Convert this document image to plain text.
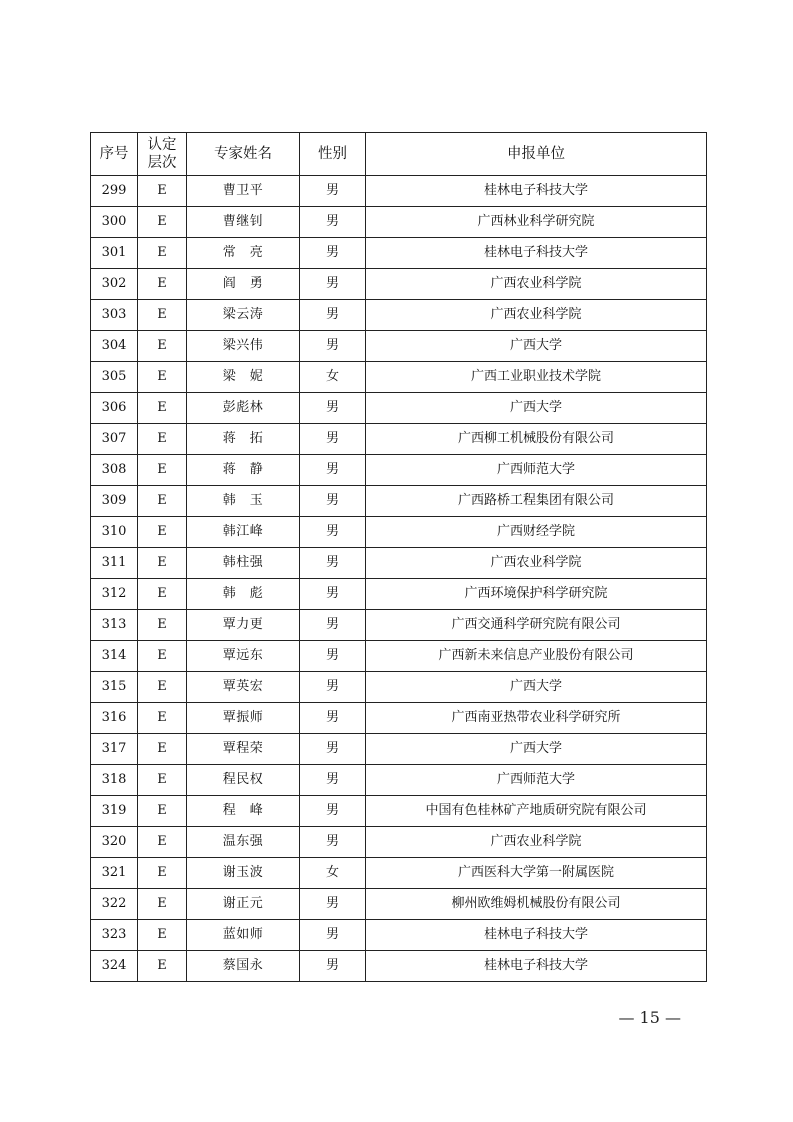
序号	认定层次	专家姓名	性别	申报单位
299	E	曹卫平	男	桂林电子科技大学
300	E	曹继钊	男	广西林业科学研究院
301	E	常　亮	男	桂林电子科技大学
302	E	阎　勇	男	广西农业科学院
303	E	梁云涛	男	广西农业科学院
304	E	梁兴伟	男	广西大学
305	E	梁　妮	女	广西工业职业技术学院
306	E	彭彪林	男	广西大学
307	E	蒋　拓	男	广西柳工机械股份有限公司
308	E	蒋　静	男	广西师范大学
309	E	韩　玉	男	广西路桥工程集团有限公司
310	E	韩江峰	男	广西财经学院
311	E	韩柱强	男	广西农业科学院
312	E	韩　彪	男	广西环境保护科学研究院
313	E	覃力更	男	广西交通科学研究院有限公司
314	E	覃远东	男	广西新未来信息产业股份有限公司
315	E	覃英宏	男	广西大学
316	E	覃振师	男	广西南亚热带农业科学研究所
317	E	覃程荣	男	广西大学
318	E	程民权	男	广西师范大学
319	E	程　峰	男	中国有色桂林矿产地质研究院有限公司
320	E	温东强	男	广西农业科学院
321	E	谢玉波	女	广西医科大学第一附属医院
322	E	谢正元	男	柳州欧维姆机械股份有限公司
323	E	蓝如师	男	桂林电子科技大学
324	E	蔡国永	男	桂林电子科技大学
— 15 —
